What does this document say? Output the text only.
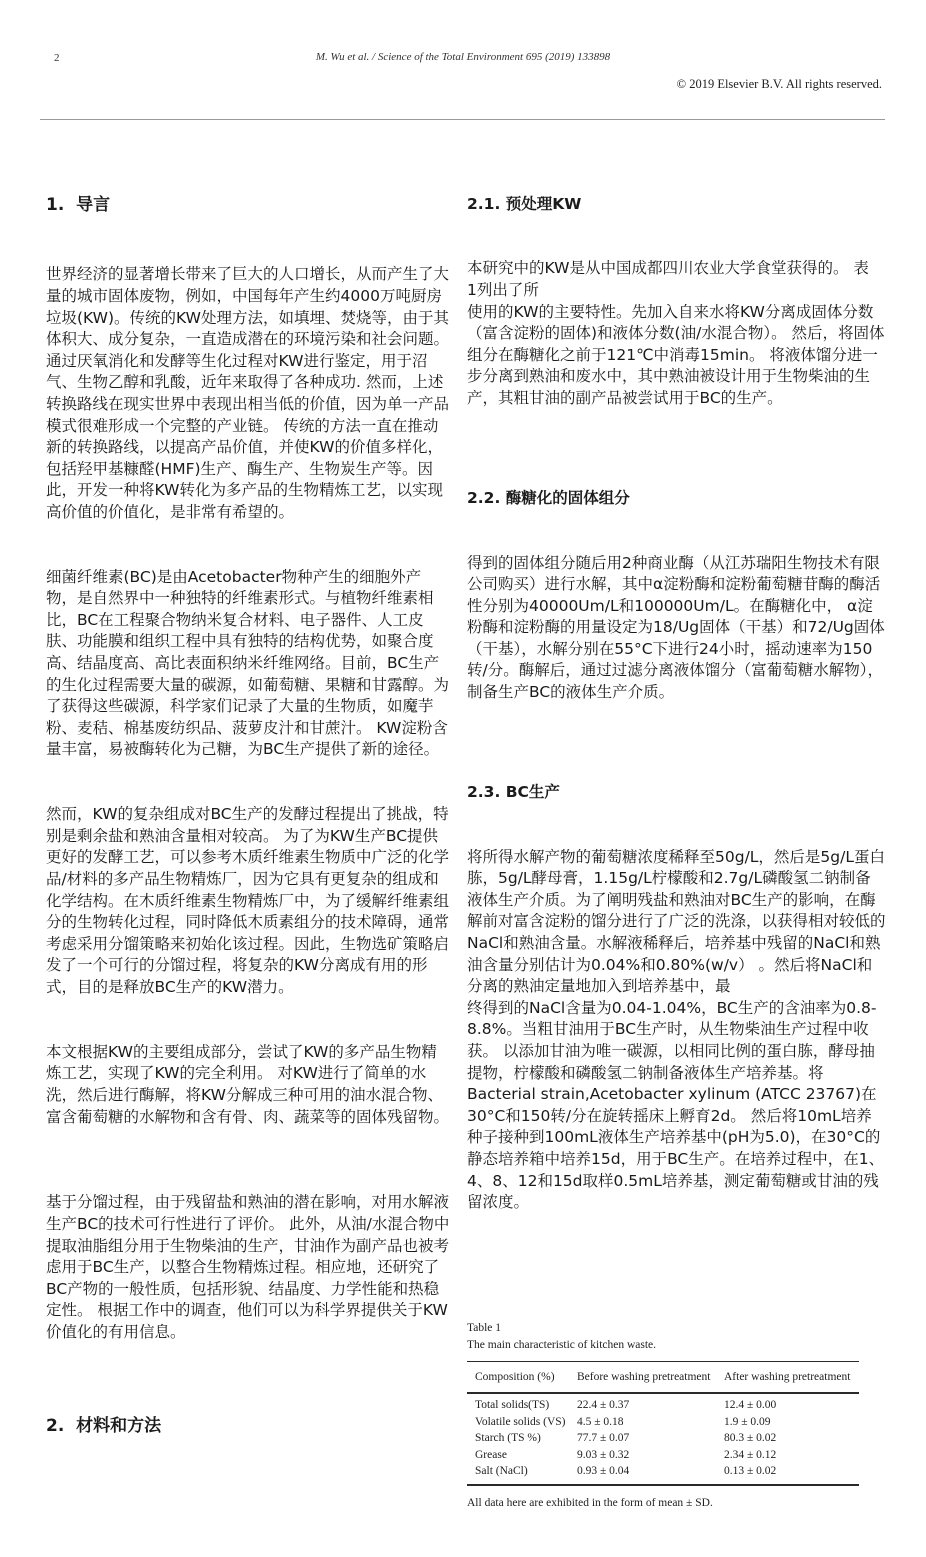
2	M. Wu et al. / Science of the Total Environment 695 (2019) 133898
© 2019 Elsevier B.V. All rights reserved.

1.  导言

世界经济的显著增长带来了巨大的人口增长，从而产生了大量的城市固体废物，例如，中国每年产生约4000万吨厨房垃圾(KW)。传统的KW处理方法，如填埋、焚烧等，由于其体积大、成分复杂，一直造成潜在的环境污染和社会问题。 通过厌氧消化和发酵等生化过程对KW进行鉴定，用于沼气、生物乙醇和乳酸，近年来取得了各种成功. 然而，上述转换路线在现实世界中表现出相当低的价值，因为单一产品模式很难形成一个完整的产业链。 传统的方法一直在推动新的转换路线，以提高产品价值，并使KW的价值多样化，包括羟甲基糠醛(HMF)生产、酶生产、生物炭生产等。因此，开发一种将KW转化为多产品的生物精炼工艺，以实现高价值的价值化，是非常有希望的。

细菌纤维素(BC)是由Acetobacter物种产生的细胞外产物，是自然界中一种独特的纤维素形式。与植物纤维素相比，BC在工程聚合物纳米复合材料、电子器件、人工皮肤、功能膜和组织工程中具有独特的结构优势，如聚合度高、结晶度高、高比表面积纳米纤维网络。目前，BC生产的生化过程需要大量的碳源，如葡萄糖、果糖和甘露醇。为了获得这些碳源，科学家们记录了大量的生物质，如魔芋粉、麦秸、棉基废纺织品、菠萝皮汁和甘蔗汁。 KW淀粉含量丰富，易被酶转化为己糖，为BC生产提供了新的途径。

然而，KW的复杂组成对BC生产的发酵过程提出了挑战，特别是剩余盐和熟油含量相对较高。 为了为KW生产BC提供更好的发酵工艺，可以参考木质纤维素生物质中广泛的化学品/材料的多产品生物精炼厂，因为它具有更复杂的组成和化学结构。在木质纤维素生物精炼厂中，为了缓解纤维素组分的生物转化过程，同时降低木质素组分的技术障碍，通常考虑采用分馏策略来初始化该过程。因此，生物选矿策略启发了一个可行的分馏过程，将复杂的KW分离成有用的形式，目的是释放BC生产的KW潜力。

本文根据KW的主要组成部分，尝试了KW的多产品生物精炼工艺，实现了KW的完全利用。 对KW进行了简单的水洗，然后进行酶解，将KW分解成三种可用的油水混合物、富含葡萄糖的水解物和含有骨、肉、蔬菜等的固体残留物。

基于分馏过程，由于残留盐和熟油的潜在影响，对用水解液生产BC的技术可行性进行了评价。 此外，从油/水混合物中提取油脂组分用于生物柴油的生产，甘油作为副产品也被考虑用于BC生产，以整合生物精炼过程。相应地，还研究了BC产物的一般性质，包括形貌、结晶度、力学性能和热稳定性。 根据工作中的调查，他们可以为科学界提供关于KW价值化的有用信息。

2.  材料和方法

2.1. 预处理KW

本研究中的KW是从中国成都四川农业大学食堂获得的。 表
1列出了所
使用的KW的主要特性。先加入自来水将KW分离成固体分数（富含淀粉的固体)和液体分数(油/水混合物）。 然后，将固体组分在酶糖化之前于121℃中消毒15min。 将液体馏分进一步分离到熟油和废水中，其中熟油被设计用于生物柴油的生产，其粗甘油的副产品被尝试用于BC的生产。

2.2. 酶糖化的固体组分

得到的固体组分随后用2种商业酶（从江苏瑞阳生物技术有限公司购买）进行水解，其中α淀粉酶和淀粉葡萄糖苷酶的酶活性分别为40000Um/L和100000Um/L。在酶糖化中， α淀粉酶和淀粉酶的用量设定为18/Ug固体（干基）和72/Ug固体（干基），水解分别在55°C下进行24小时，摇动速率为150转/分。酶解后，通过过滤分离液体馏分（富葡萄糖水解物），制备生产BC的液体生产介质。

2.3. BC生产

将所得水解产物的葡萄糖浓度稀释至50g/L，然后是5g/L蛋白胨，5g/L酵母膏，1.15g/L柠檬酸和2.7g/L磷酸氢二钠制备液体生产介质。为了阐明残盐和熟油对BC生产的影响，在酶解前对富含淀粉的馏分进行了广泛的洗涤，以获得相对较低的NaCl和熟油含量。水解液稀释后，培养基中残留的NaCl和熟油含量分别估计为0.04%和0.80%(w/v） 。然后将NaCl和分离的熟油定量地加入到培养基中，最
终得到的NaCl含量为0.04-1.04%，BC生产的含油率为0.8-8.8%。当粗甘油用于BC生产时，从生物柴油生产过程中收获。 以添加甘油为唯一碳源，以相同比例的蛋白胨，酵母抽提物，柠檬酸和磷酸氢二钠制备液体生产培养基。将Bacterial strain,Acetobacter xylinum (ATCC 23767)在30°C和150转/分在旋转摇床上孵育2d。 然后将10mL培养种子接种到100mL液体生产培养基中(pH为5.0)，在30°C的静态培养箱中培养15d，用于BC生产。在培养过程中，在1、4、8、12和15d取样0.5mL培养基，测定葡萄糖或甘油的残留浓度。

Table 1
The main characteristic of kitchen waste.
Composition (%)	Before washing pretreatment	After washing pretreatment
Total solids(TS)	22.4 ± 0.37	12.4 ± 0.00
Volatile solids (VS)	4.5 ± 0.18	1.9 ± 0.09
Starch (TS %)	77.7 ± 0.07	80.3 ± 0.02
Grease	9.03 ± 0.32	2.34 ± 0.12
Salt (NaCl)	0.93 ± 0.04	0.13 ± 0.02
All data here are exhibited in the form of mean ± SD.
